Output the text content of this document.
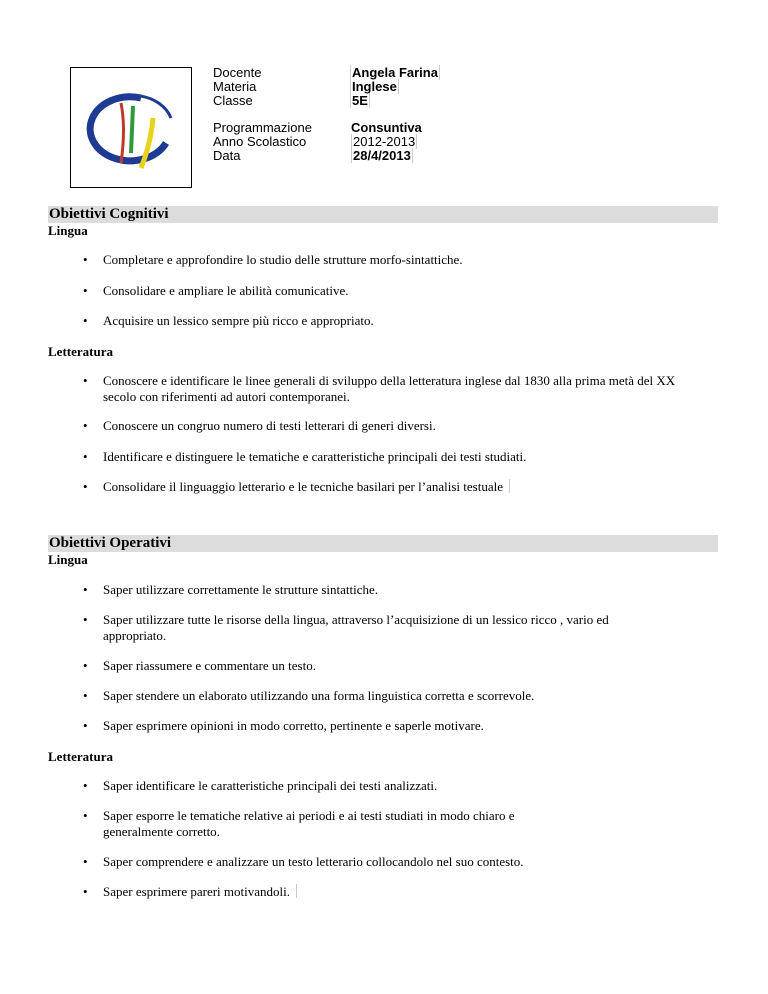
Docente
Materia
Classe
Angela Farina
Inglese
5E
Programmazione
Anno Scolastico
Data
Consuntiva
2012-2013
28/4/2013
Obiettivi Cognitivi
Lingua
• Completare e approfondire lo studio delle strutture morfo-sintattiche.
• Consolidare e ampliare le abilità comunicative.
• Acquisire un lessico sempre più ricco e appropriato.
Letteratura
• Conoscere e identificare le linee generali di sviluppo della letteratura inglese dal 1830 alla prima metà del XX secolo con riferimenti ad autori contemporanei.
• Conoscere un congruo numero di testi letterari di generi diversi.
• Identificare e distinguere le tematiche e caratteristiche principali dei testi studiati.
• Consolidare il linguaggio letterario e le tecniche basilari per l’analisi testuale
Obiettivi Operativi
Lingua
• Saper utilizzare correttamente le strutture sintattiche.
• Saper utilizzare tutte le risorse della lingua, attraverso l’acquisizione di un lessico ricco , vario ed appropriato.
• Saper riassumere e commentare un testo.
• Saper stendere un elaborato utilizzando una forma linguistica corretta e scorrevole.
• Saper esprimere opinioni in modo corretto, pertinente e saperle motivare.
Letteratura
• Saper identificare le caratteristiche principali dei testi analizzati.
• Saper esporre le tematiche relative ai periodi e ai testi studiati in modo chiaro e generalmente corretto.
• Saper comprendere e analizzare un testo letterario collocandolo nel suo contesto.
• Saper esprimere pareri motivandoli.
